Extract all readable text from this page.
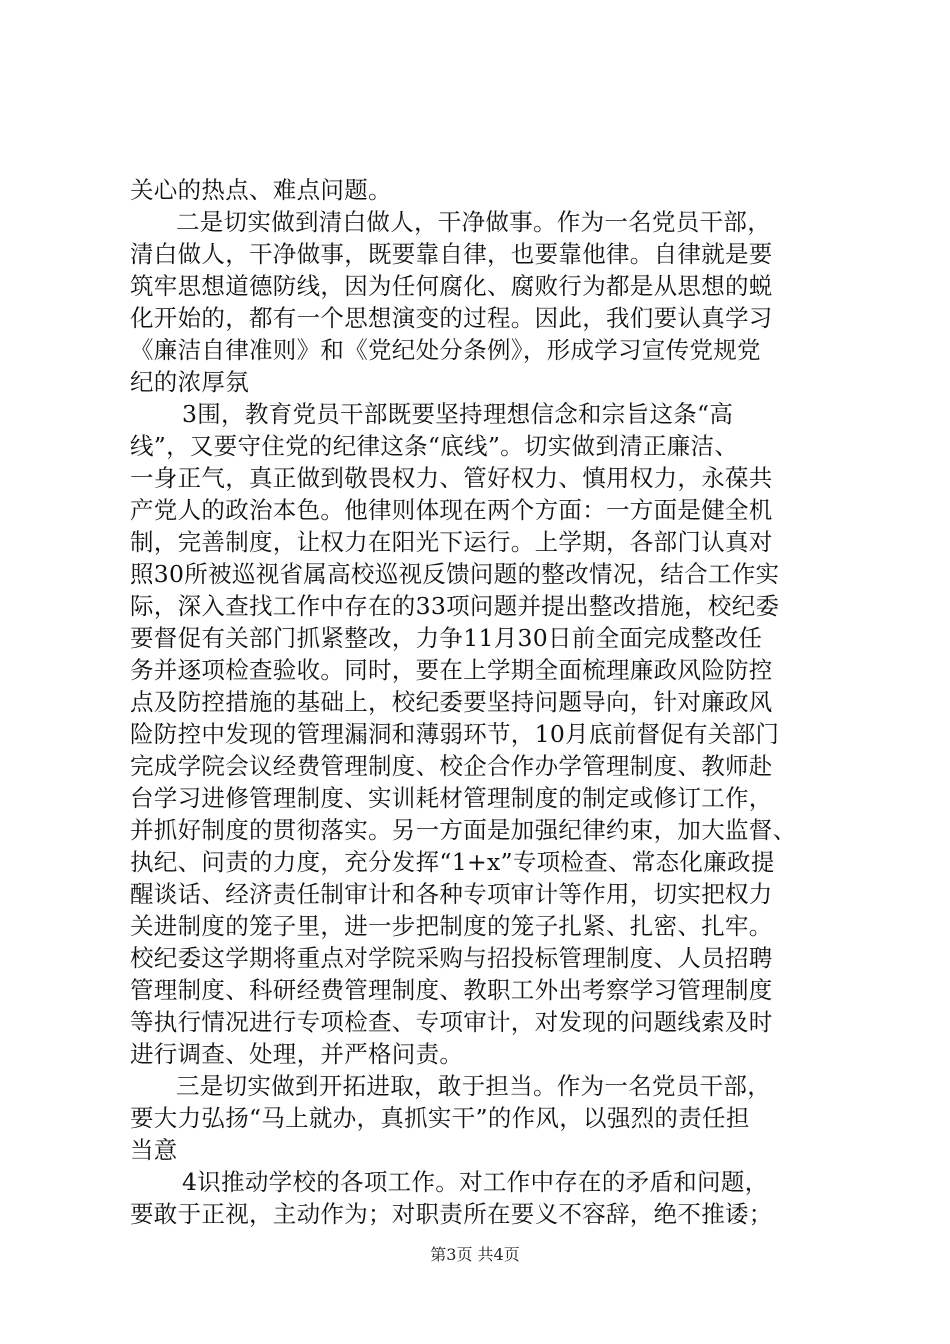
关心的热点、难点问题。
二是切实做到清白做人，干净做事。作为一名党员干部，
清白做人，干净做事，既要靠自律，也要靠他律。自律就是要
筑牢思想道德防线，因为任何腐化、腐败行为都是从思想的蜕
化开始的，都有一个思想演变的过程。因此，我们要认真学习
《廉洁自律准则》和《党纪处分条例》，形成学习宣传党规党
纪的浓厚氛
3围，教育党员干部既要坚持理想信念和宗旨这条“高
线”，又要守住党的纪律这条“底线”。切实做到清正廉洁、
一身正气，真正做到敬畏权力、管好权力、慎用权力，永葆共
产党人的政治本色。他律则体现在两个方面：一方面是健全机
制，完善制度，让权力在阳光下运行。上学期，各部门认真对
照30所被巡视省属高校巡视反馈问题的整改情况，结合工作实
际，深入查找工作中存在的33项问题并提出整改措施，校纪委
要督促有关部门抓紧整改，力争11月30日前全面完成整改任
务并逐项检查验收。同时，要在上学期全面梳理廉政风险防控
点及防控措施的基础上，校纪委要坚持问题导向，针对廉政风
险防控中发现的管理漏洞和薄弱环节，10月底前督促有关部门
完成学院会议经费管理制度、校企合作办学管理制度、教师赴
台学习进修管理制度、实训耗材管理制度的制定或修订工作，
并抓好制度的贯彻落实。另一方面是加强纪律约束，加大监督、
执纪、问责的力度，充分发挥“1+x”专项检查、常态化廉政提
醒谈话、经济责任制审计和各种专项审计等作用，切实把权力
关进制度的笼子里，进一步把制度的笼子扎紧、扎密、扎牢。
校纪委这学期将重点对学院采购与招投标管理制度、人员招聘
管理制度、科研经费管理制度、教职工外出考察学习管理制度
等执行情况进行专项检查、专项审计，对发现的问题线索及时
进行调查、处理，并严格问责。
三是切实做到开拓进取，敢于担当。作为一名党员干部，
要大力弘扬“马上就办，真抓实干”的作风，以强烈的责任担
当意
4识推动学校的各项工作。对工作中存在的矛盾和问题，
要敢于正视，主动作为；对职责所在要义不容辞，绝不推诿；
第3页 共4页
